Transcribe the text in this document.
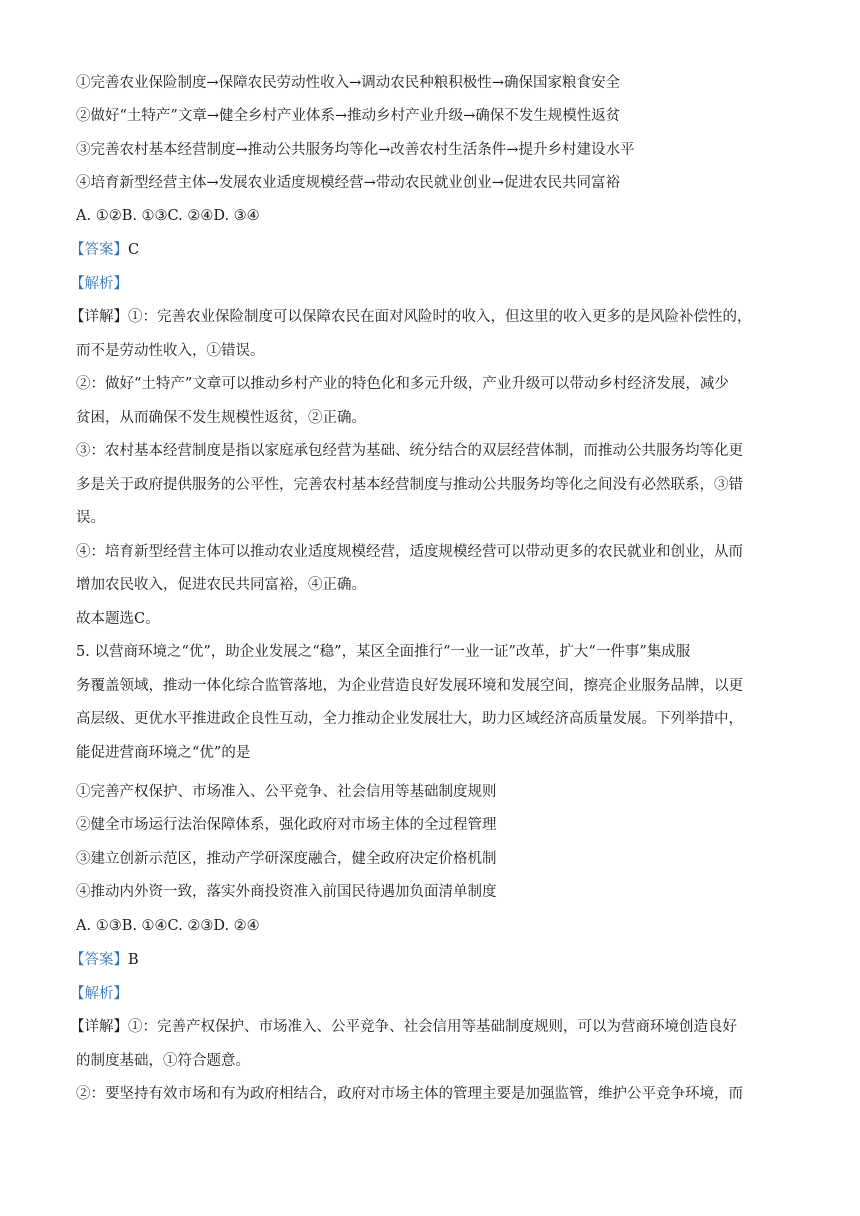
①完善农业保险制度→保障农民劳动性收入→调动农民种粮积极性→确保国家粮食安全
②做好“土特产”文章→健全乡村产业体系→推动乡村产业升级→确保不发生规模性返贫
③完善农村基本经营制度→推动公共服务均等化→改善农村生活条件→提升乡村建设水平
④培育新型经营主体→发展农业适度规模经营→带动农民就业创业→促进农民共同富裕
A. ①②B. ①③C. ②④D. ③④
【答案】C
【解析】
【详解】①：完善农业保险制度可以保障农民在面对风险时的收入，但这里的收入更多的是风险补偿性的，
而不是劳动性收入，①错误。
②：做好“土特产”文章可以推动乡村产业的特色化和多元升级，产业升级可以带动乡村经济发展，减少
贫困，从而确保不发生规模性返贫，②正确。
③：农村基本经营制度是指以家庭承包经营为基础、统分结合的双层经营体制，而推动公共服务均等化更
多是关于政府提供服务的公平性，完善农村基本经营制度与推动公共服务均等化之间没有必然联系，③错
误。
④：培育新型经营主体可以推动农业适度规模经营，适度规模经营可以带动更多的农民就业和创业，从而
增加农民收入，促进农民共同富裕，④正确。
故本题选C。
5. 以营商环境之“优”，助企业发展之“稳”，某区全面推行“一业一证”改革，扩大“一件事”集成服
务覆盖领域，推动一体化综合监管落地，为企业营造良好发展环境和发展空间，擦亮企业服务品牌，以更
高层级、更优水平推进政企良性互动，全力推动企业发展壮大，助力区域经济高质量发展。下列举措中，
能促进营商环境之“优”的是
①完善产权保护、市场准入、公平竞争、社会信用等基础制度规则
②健全市场运行法治保障体系，强化政府对市场主体的全过程管理
③建立创新示范区，推动产学研深度融合，健全政府决定价格机制
④推动内外资一致，落实外商投资准入前国民待遇加负面清单制度
A. ①③B. ①④C. ②③D. ②④
【答案】B
【解析】
【详解】①：完善产权保护、市场准入、公平竞争、社会信用等基础制度规则，可以为营商环境创造良好
的制度基础，①符合题意。
②：要坚持有效市场和有为政府相结合，政府对市场主体的管理主要是加强监管，维护公平竞争环境，而
